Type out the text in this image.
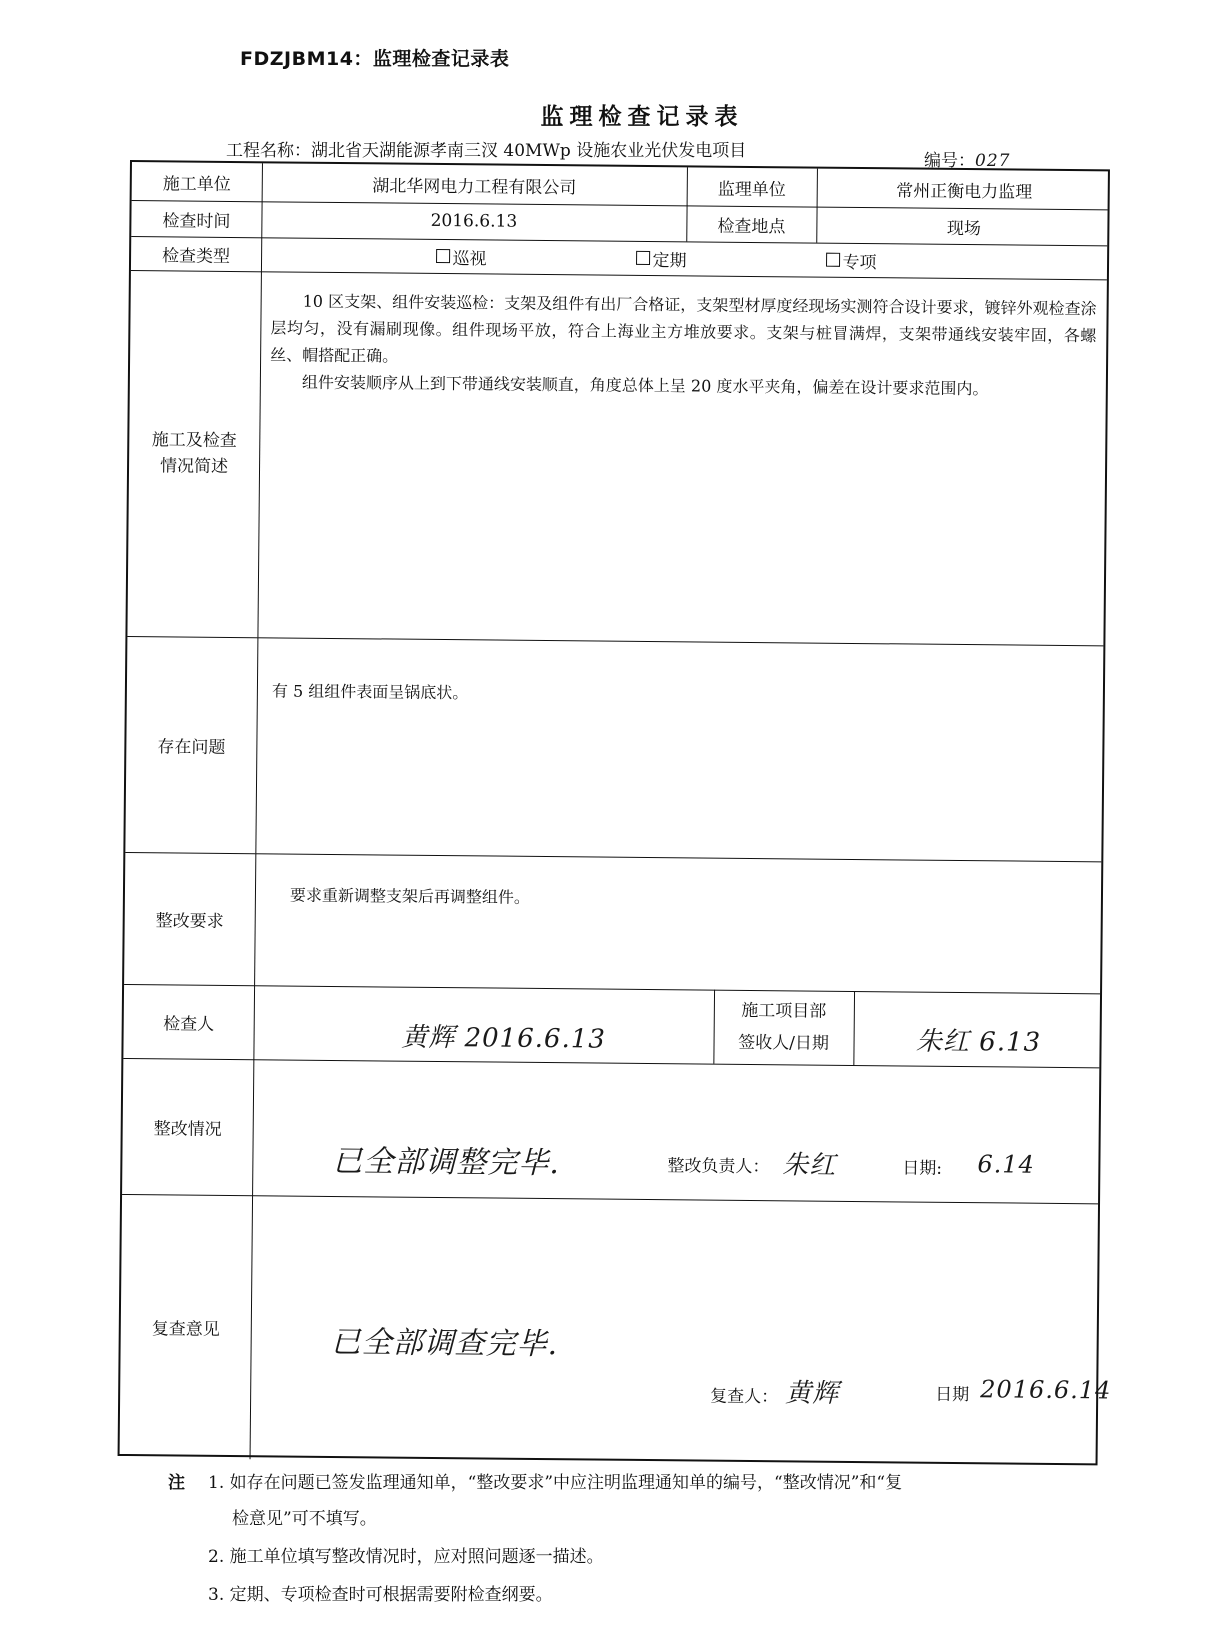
FDZJBM14：监理检查记录表
监理检查记录表
工程名称：湖北省天湖能源孝南三汊 40MWp 设施农业光伏发电项目	编号：027
施工单位	湖北华网电力工程有限公司	监理单位	常州正衡电力监理
检查时间	2016.6.13	检查地点	现场
检查类型	巡视	定期	专项
施工及检查
情况简述

10 区支架、组件安装巡检：支架及组件有出厂合格证，支架型材厚度经现场实测符合设计要求，镀锌外观检查涂层均匀，没有漏刷现像。组件现场平放，符合上海业主方堆放要求。支架与桩冒满焊，支架带通线安装牢固，各螺丝、帽搭配正确。

组件安装顺序从上到下带通线安装顺直，角度总体上呈 20 度水平夹角，偏差在设计要求范围内。

存在问题
有 5 组组件表面呈锅底状。
整改要求
要求重新调整支架后再调整组件。
检查人	黄辉 2016.6.13
施工项目部
签收人/日期	朱红 6.13
整改情况
已全部调整完毕.	整改负责人： 朱红	日期:	6.14
复查意见	已全部调查完毕.
复查人： 黄辉	日期 2016.6.14
注 1. 如存在问题已签发监理通知单，“整改要求”中应注明监理通知单的编号，“整改情况”和“复
检意见”可不填写。
2. 施工单位填写整改情况时，应对照问题逐一描述。
3. 定期、专项检查时可根据需要附检查纲要。
